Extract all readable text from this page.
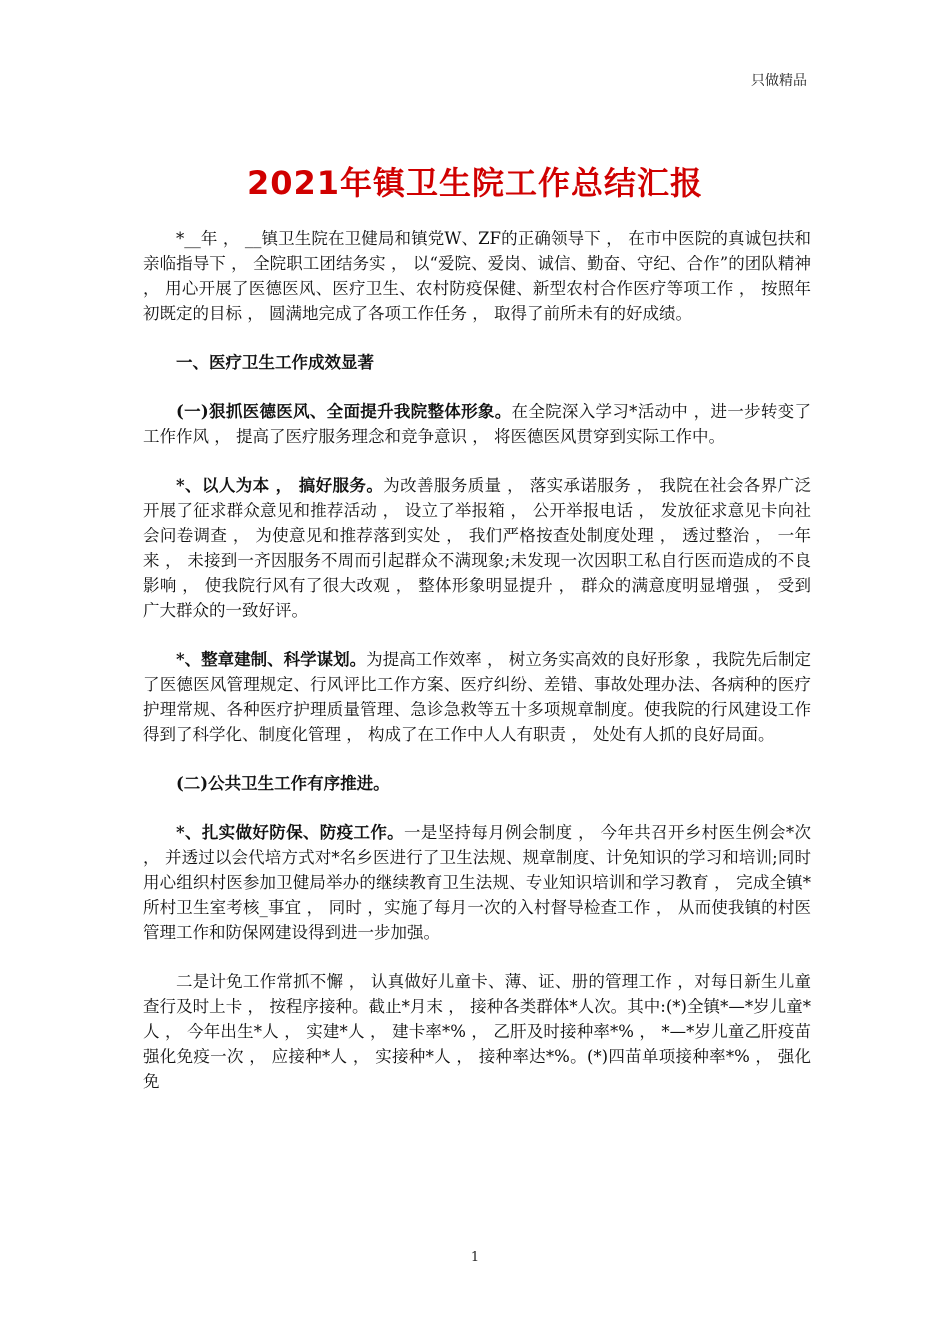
只做精品
2021年镇卫生院工作总结汇报

*__年 ， __镇卫生院在卫健局和镇党W、ZF的正确领导下 ， 在市中医院的真诚包扶和亲临指导下 ， 全院职工团结务实 ， 以“爱院、爱岗、诚信、勤奋、守纪、合作”的团队精神 ， 用心开展了医德医风、医疗卫生、农村防疫保健、新型农村合作医疗等项工作 ， 按照年初既定的目标 ， 圆满地完成了各项工作任务 ， 取得了前所未有的好成绩。

一、医疗卫生工作成效显著

(一)狠抓医德医风、全面提升我院整体形象。在全院深入学习*活动中 ，进一步转变了工作作风 ， 提高了医疗服务理念和竞争意识 ， 将医德医风贯穿到实际工作中。

*、以人为本 ， 搞好服务。为改善服务质量 ， 落实承诺服务 ， 我院在社会各界广泛开展了征求群众意见和推荐活动 ， 设立了举报箱 ， 公开举报电话 ， 发放征求意见卡向社会问卷调查 ， 为使意见和推荐落到实处 ， 我们严格按查处制度处理 ， 透过整治 ， 一年来 ， 未接到一齐因服务不周而引起群众不满现象;未发现一次因职工私自行医而造成的不良影响 ， 使我院行风有了很大改观 ， 整体形象明显提升 ， 群众的满意度明显增强 ， 受到广大群众的一致好评。

*、整章建制、科学谋划。为提高工作效率 ， 树立务实高效的良好形象 ，我院先后制定了医德医风管理规定、行风评比工作方案、医疗纠纷、差错、事故处理办法、各病种的医疗护理常规、各种医疗护理质量管理、急诊急救等五十多项规章制度。使我院的行风建设工作得到了科学化、制度化管理 ， 构成了在工作中人人有职责 ， 处处有人抓的良好局面。

(二)公共卫生工作有序推进。

*、扎实做好防保、防疫工作。一是坚持每月例会制度 ， 今年共召开乡村医生例会*次 ， 并透过以会代培方式对*名乡医进行了卫生法规、规章制度、计免知识的学习和培训;同时用心组织村医参加卫健局举办的继续教育卫生法规、专业知识培训和学习教育 ， 完成全镇*所村卫生室考核_事宜 ， 同时 ，实施了每月一次的入村督导检查工作 ， 从而使我镇的村医管理工作和防保网建设得到进一步加强。

二是计免工作常抓不懈 ， 认真做好儿童卡、薄、证、册的管理工作 ，对每日新生儿童查行及时上卡 ， 按程序接种。截止*月末 ， 接种各类群体*人次。其中:(*)全镇*—*岁儿童*人 ， 今年出生*人 ， 实建*人 ， 建卡率*% ， 乙肝及时接种率*% ， *—*岁儿童乙肝疫苗强化免疫一次 ， 应接种*人 ， 实接种*人 ， 接种率达*%。(*)四苗单项接种率*% ， 强化免

1
